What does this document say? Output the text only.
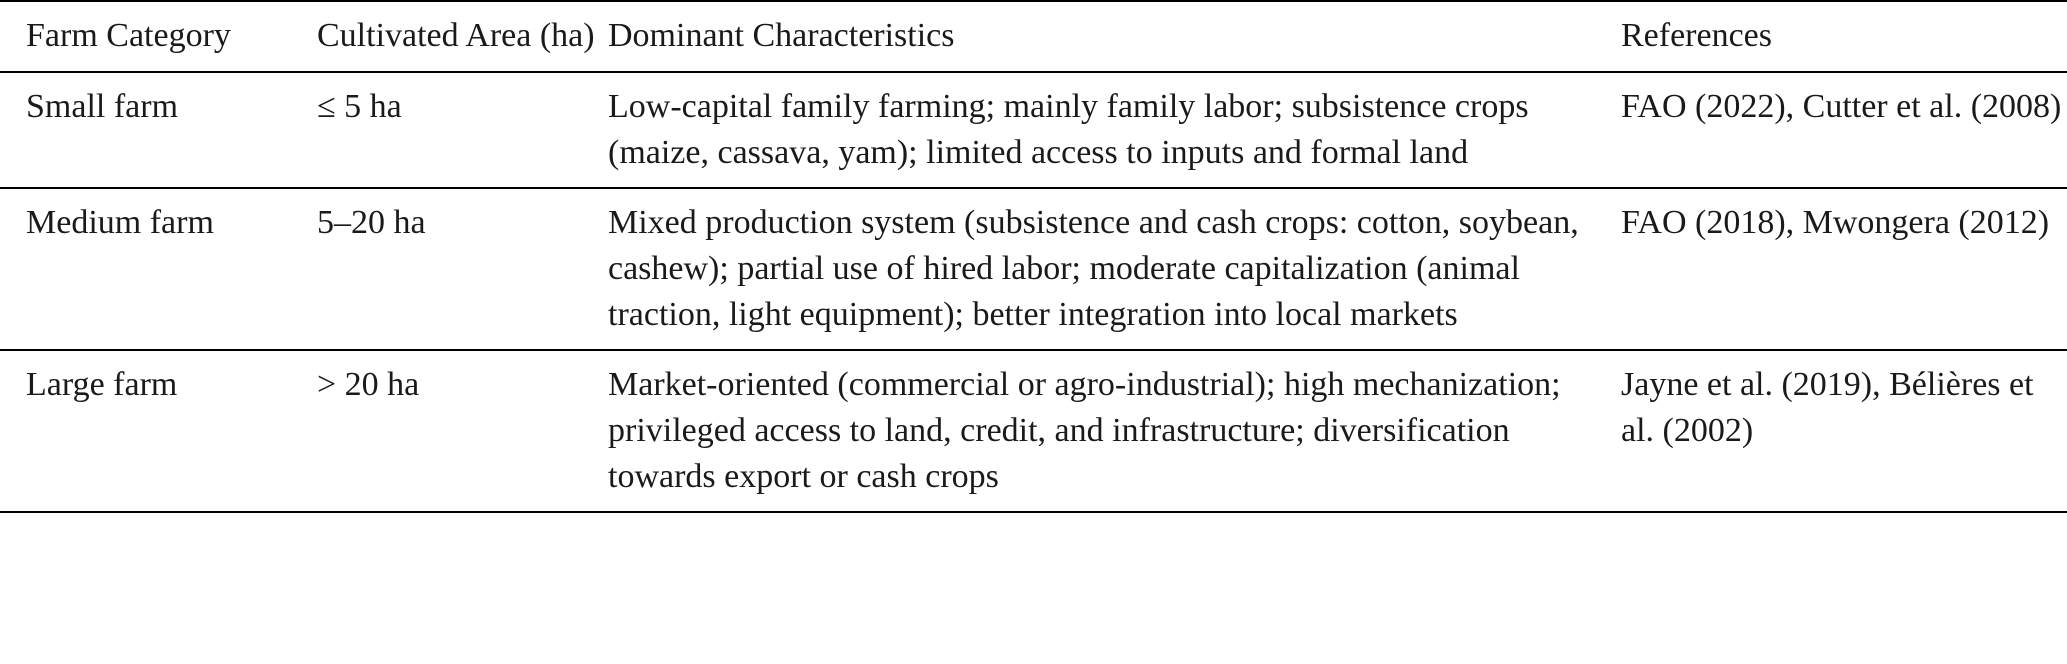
Farm Category	Cultivated Area (ha)	Dominant Characteristics	References
Small farm	≤ 5 ha	Low-capital family farming; mainly family labor; subsistence crops (maize, cassava, yam); limited access to inputs and formal land	FAO (2022), Cutter et al. (2008)
Medium farm	5–20 ha	Mixed production system (subsistence and cash crops: cotton, soybean, cashew); partial use of hired labor; moderate capitalization (animal traction, light equipment); better integration into local markets	FAO (2018), Mwongera (2012)
Large farm	> 20 ha	Market-oriented (commercial or agro-industrial); high mechanization; privileged access to land, credit, and infrastructure; diversification towards export or cash crops	Jayne et al. (2019), Bélières et al. (2002)
